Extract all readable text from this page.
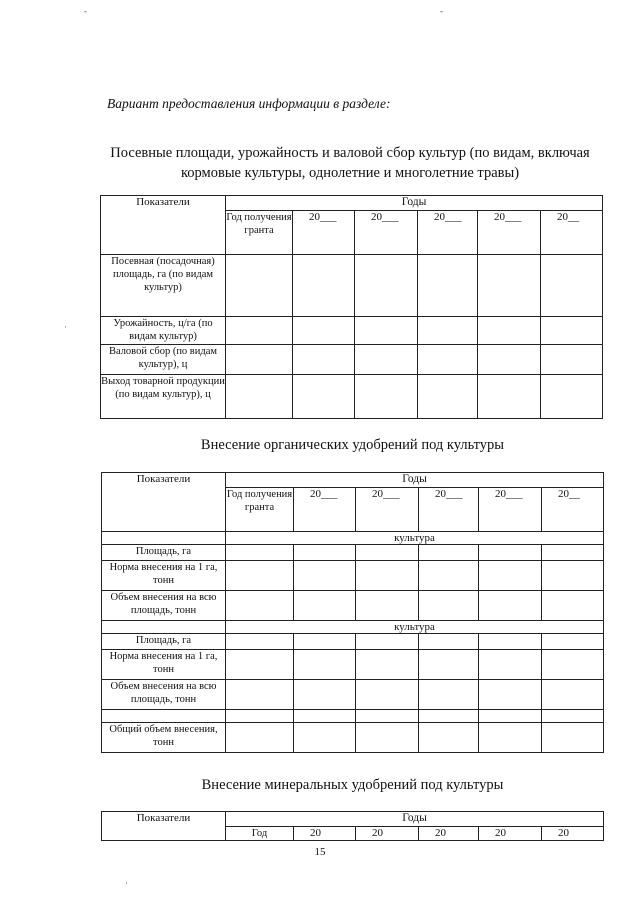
Вариант предоставления информации в разделе:
Посевные площади, урожайность и валовой сбор культур (по видам, включая
кормовые культуры, однолетние и многолетние травы)
Показатели	Годы					
	Год получения гранта	20___	20___	20___	20___	20__
Посевная (посадочная) площадь, га (по видам культур)						
Урожайность, ц/га (по видам культур)						
Валовой сбор (по видам культур), ц						
Выход товарной продукции (по видам культур), ц						
Внесение органических удобрений под культуры
Показатели	Годы					
	Год получения гранта	20___	20___	20___	20___	20__
	культура					
Площадь, га						
Норма внесения на 1 га, тонн						
Объем внесения на всю площадь, тонн						
	культура					
Площадь, га						
Норма внесения на 1 га, тонн						
Объем внесения на всю площадь, тонн						

Общий объем внесения, тонн						
Внесение минеральных удобрений под культуры
Показатели	Годы					
	Год	20	20	20	20	20
15
-	-
·
·
